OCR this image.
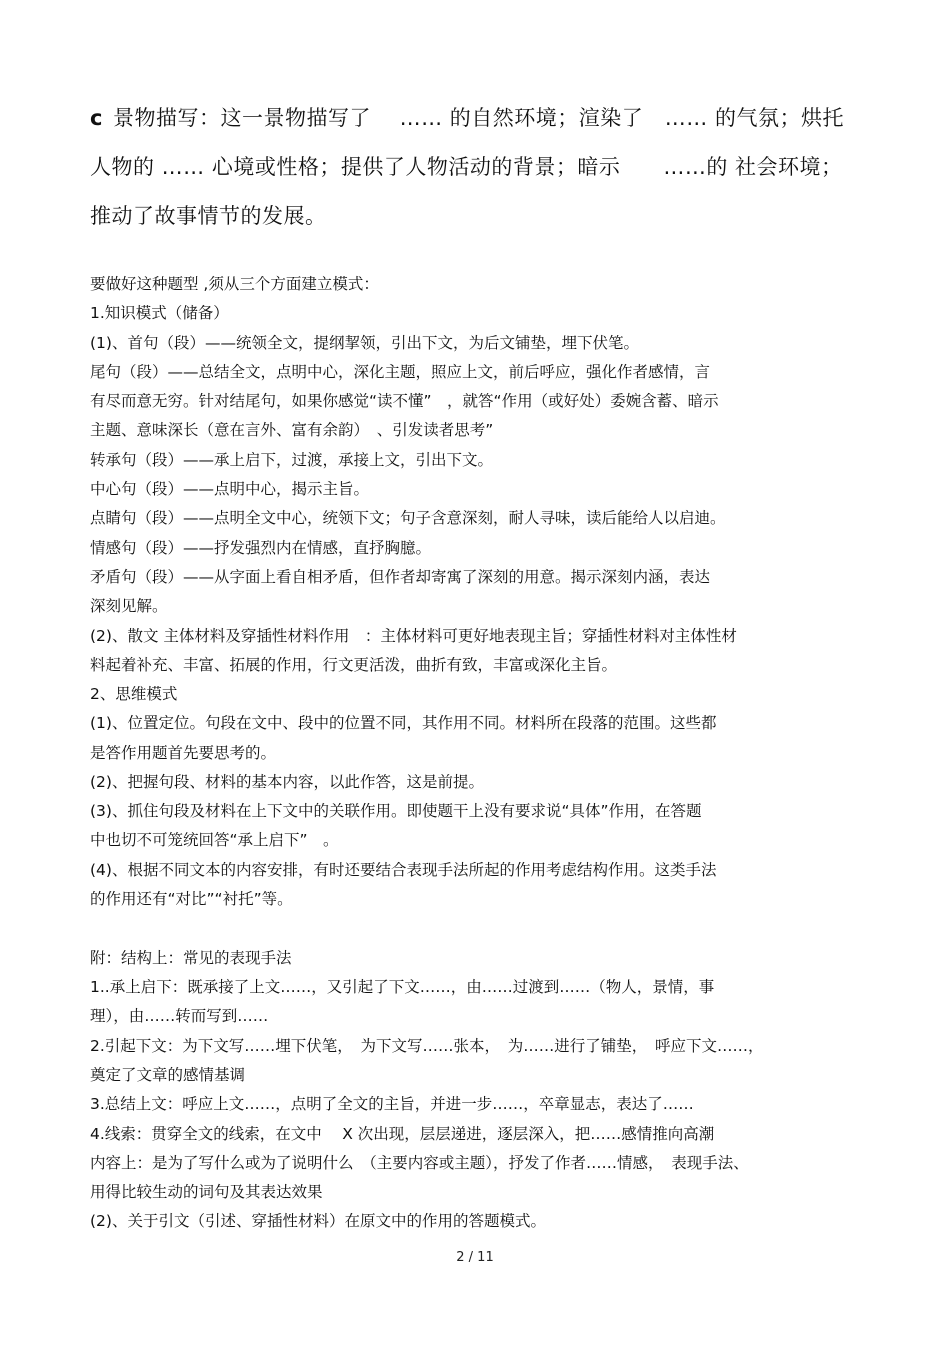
c 景物描写：这一景物描写了　 …… 的自然环境；渲染了　…… 的气氛；烘托
人物的 …… 心境或性格；提供了人物活动的背景；暗示　　……的 社会环境；
推动了故事情节的发展。
要做好这种题型 ,须从三个方面建立模式：
1.知识模式（储备）
(1)、首句（段）——统领全文，提纲挈领，引出下文，为后文铺垫，埋下伏笔。
尾句（段）——总结全文，点明中心，深化主题，照应上文，前后呼应，强化作者感情，言
有尽而意无穷。针对结尾句，如果你感觉“读不懂”　，就答“作用（或好处）委婉含蓄、暗示
主题、意味深长（意在言外、富有余韵）　、引发读者思考”
转承句（段）——承上启下，过渡，承接上文，引出下文。
中心句（段）——点明中心，揭示主旨。
点睛句（段）——点明全文中心，统领下文；句子含意深刻，耐人寻味，读后能给人以启迪。
情感句（段）——抒发强烈内在情感，直抒胸臆。
矛盾句（段）——从字面上看自相矛盾，但作者却寄寓了深刻的用意。揭示深刻内涵，表达
深刻见解。
(2)、散文 主体材料及穿插性材料作用　：主体材料可更好地表现主旨；穿插性材料对主体性材
料起着补充、丰富、拓展的作用，行文更活泼，曲折有致，丰富或深化主旨。
2、思维模式
(1)、位置定位。句段在文中、段中的位置不同，其作用不同。材料所在段落的范围。这些都
是答作用题首先要思考的。
(2)、把握句段、材料的基本内容，以此作答，这是前提。
(3)、抓住句段及材料在上下文中的关联作用。即使题干上没有要求说“具体”作用，在答题
中也切不可笼统回答“承上启下”　。
(4)、根据不同文本的内容安排，有时还要结合表现手法所起的作用考虑结构作用。这类手法
的作用还有“对比”“衬托”等。
附：结构上：常见的表现手法
1..承上启下：既承接了上文……，又引起了下文……，由……过渡到……（物人，景情，事
理），由……转而写到……
2.引起下文：为下文写……埋下伏笔，　为下文写……张本，　为……进行了铺垫，　呼应下文……，
奠定了文章的感情基调
3.总结上文：呼应上文……，点明了全文的主旨，并进一步……，卒章显志，表达了……
4.线索：贯穿全文的线索，在文中　 X 次出现，层层递进，逐层深入，把……感情推向高潮
内容上：是为了写什么或为了说明什么　（主要内容或主题），抒发了作者……情感，　表现手法、
用得比较生动的词句及其表达效果
(2)、关于引文（引述、穿插性材料）在原文中的作用的答题模式。
2 / 11
